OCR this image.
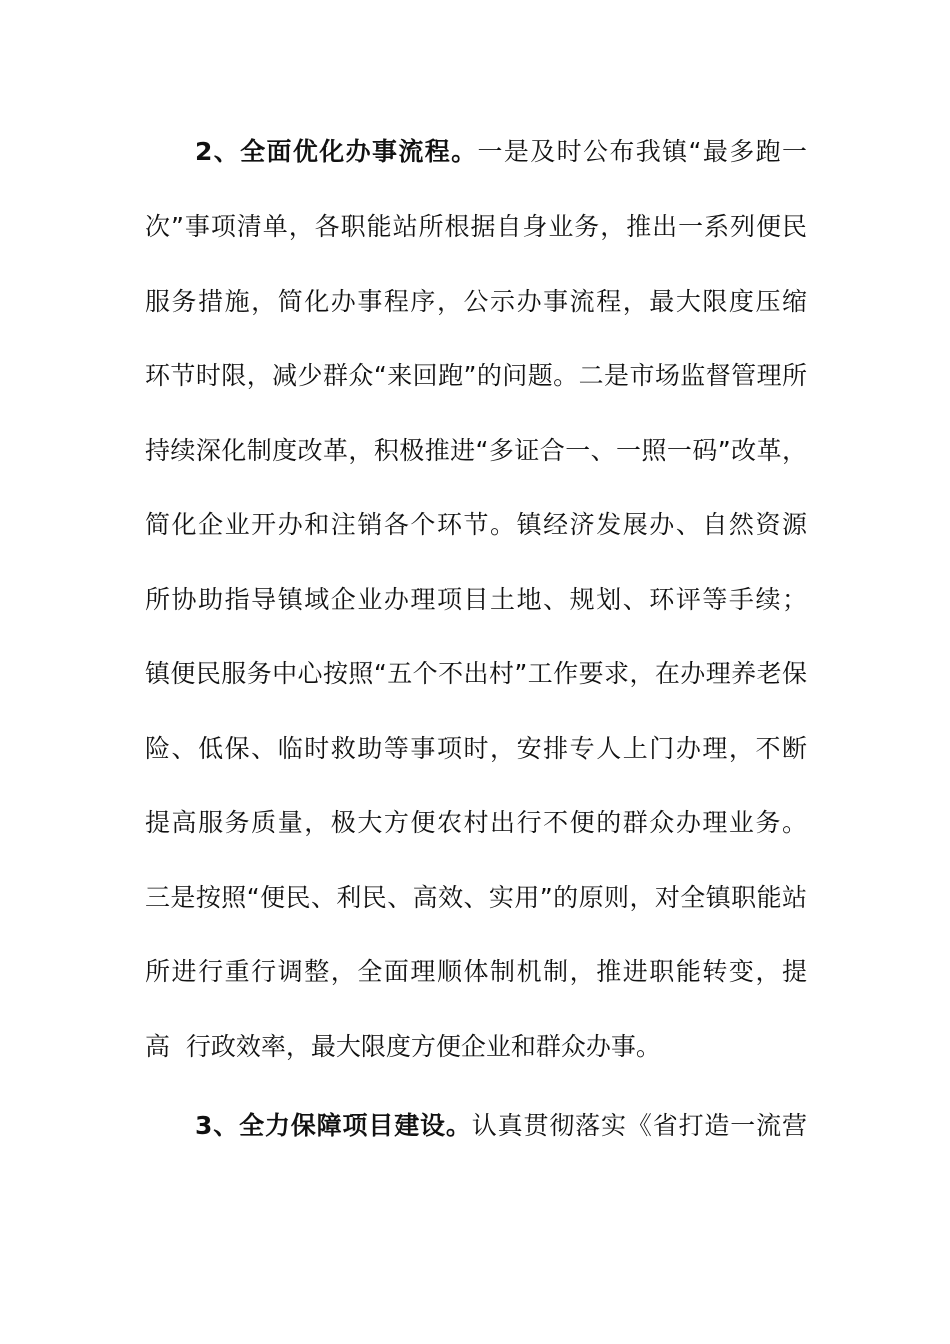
2、全面优化办事流程。一是及时公布我镇“最多跑一
次”事项清单，各职能站所根据自身业务，推出一系列便民
服务措施，简化办事程序，公示办事流程，最大限度压缩
环节时限，减少群众“来回跑”的问题。二是市场监督管理所
持续深化制度改革，积极推进“多证合一、一照一码”改革，
简化企业开办和注销各个环节。镇经济发展办、自然资源
所协助指导镇域企业办理项目土地、规划、环评等手续；
镇便民服务中心按照“五个不出村”工作要求，在办理养老保
险、低保、临时救助等事项时，安排专人上门办理，不断
提高服务质量，极大方便农村出行不便的群众办理业务。
三是按照“便民、利民、高效、实用”的原则，对全镇职能站
所进行重行调整，全面理顺体制机制，推进职能转变，提
高  行政效率，最大限度方便企业和群众办事。
3、全力保障项目建设。认真贯彻落实《省打造一流营
